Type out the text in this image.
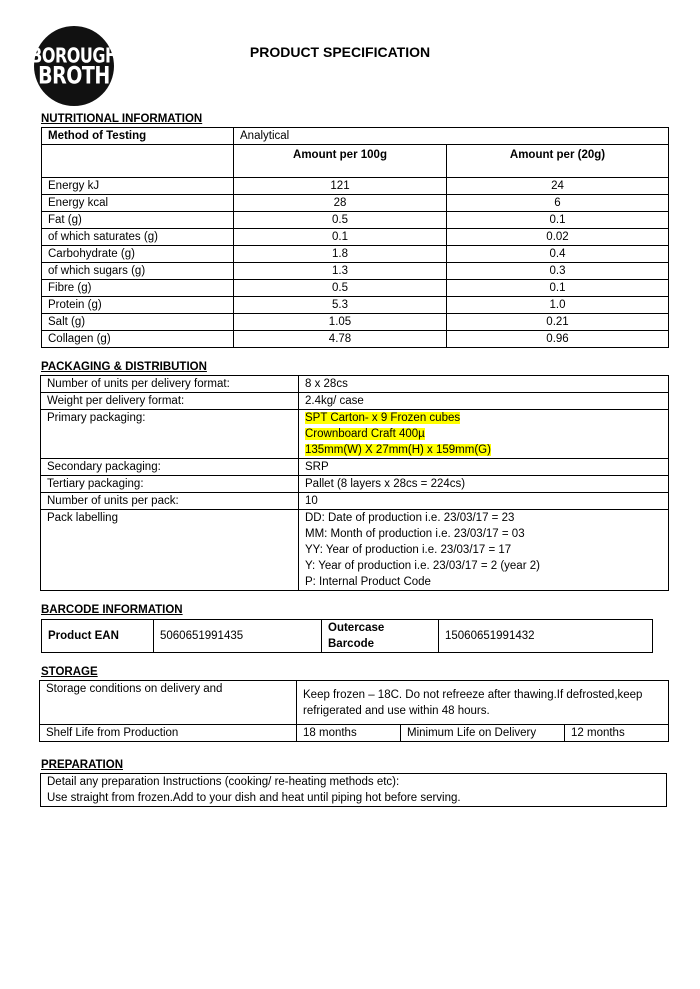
BOROUGH
BROTH
PRODUCT SPECIFICATION
NUTRITIONAL INFORMATION
Method of Testing	Analytical	
	Amount per 100g	Amount per (20g)
Energy kJ	121	24
Energy kcal	28	6
Fat (g)	0.5	0.1
of which saturates (g)	0.1	0.02
Carbohydrate (g)	1.8	0.4
of which sugars (g)	1.3	0.3
Fibre (g)	0.5	0.1
Protein (g)	5.3	1.0
Salt (g)	1.05	0.21
Collagen (g)	4.78	0.96
PACKAGING & DISTRIBUTION
Number of units per delivery format:	8 x 28cs
Weight per delivery format:	2.4kg/ case
Primary packaging:	SPT Carton- x 9 Frozen cubes
Crownboard Craft 400µ
135mm(W) X 27mm(H) x 159mm(G)
Secondary packaging:	SRP
Tertiary packaging:	Pallet (8 layers x 28cs = 224cs)
Number of units per pack:	10
Pack labelling	DD: Date of production i.e. 23/03/17 = 23
MM: Month of production i.e. 23/03/17 = 03
YY: Year of production i.e. 23/03/17 = 17
Y: Year of production i.e. 23/03/17 = 2 (year 2)
P: Internal Product Code
BARCODE INFORMATION
Product EAN	5060651991435	Outercase Barcode	15060651991432
STORAGE
Storage conditions on delivery and	Keep frozen – 18C. Do not refreeze after thawing.If defrosted,keep
refrigerated and use within 48 hours.		
Shelf Life from Production	18 months	Minimum Life on Delivery	12 months
PREPARATION
Detail any preparation Instructions (cooking/ re-heating methods etc):
Use straight from frozen.Add to your dish and heat until piping hot before serving.
